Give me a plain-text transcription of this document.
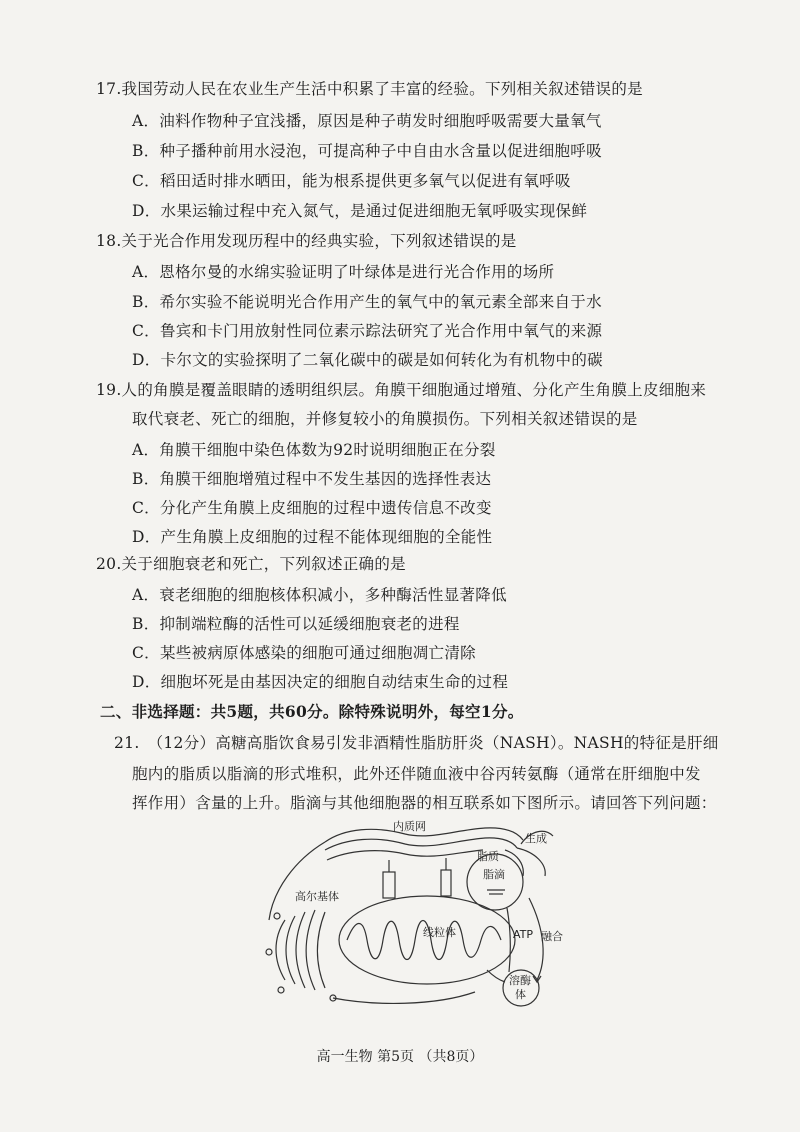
17.我国劳动人民在农业生产生活中积累了丰富的经验。下列相关叙述错误的是
A．油料作物种子宜浅播，原因是种子萌发时细胞呼吸需要大量氧气
B．种子播种前用水浸泡，可提高种子中自由水含量以促进细胞呼吸
C．稻田适时排水晒田，能为根系提供更多氧气以促进有氧呼吸
D．水果运输过程中充入氮气，是通过促进细胞无氧呼吸实现保鲜
18.关于光合作用发现历程中的经典实验，下列叙述错误的是
A．恩格尔曼的水绵实验证明了叶绿体是进行光合作用的场所
B．希尔实验不能说明光合作用产生的氧气中的氧元素全部来自于水
C．鲁宾和卡门用放射性同位素示踪法研究了光合作用中氧气的来源
D．卡尔文的实验探明了二氧化碳中的碳是如何转化为有机物中的碳
19.人的角膜是覆盖眼睛的透明组织层。角膜干细胞通过增殖、分化产生角膜上皮细胞来
取代衰老、死亡的细胞，并修复较小的角膜损伤。下列相关叙述错误的是
A．角膜干细胞中染色体数为92时说明细胞正在分裂
B．角膜干细胞增殖过程中不发生基因的选择性表达
C．分化产生角膜上皮细胞的过程中遗传信息不改变
D．产生角膜上皮细胞的过程不能体现细胞的全能性
20.关于细胞衰老和死亡，下列叙述正确的是
A．衰老细胞的细胞核体积减小，多种酶活性显著降低
B．抑制端粒酶的活性可以延缓细胞衰老的进程
C．某些被病原体感染的细胞可通过细胞凋亡清除
D．细胞坏死是由基因决定的细胞自动结束生命的过程
二、非选择题：共5题，共60分。除特殊说明外，每空1分。
21.　（12分）高糖高脂饮食易引发非酒精性脂肪肝炎（NASH）。NASH的特征是肝细
胞内的脂质以脂滴的形式堆积，此外还伴随血液中谷丙转氨酶（通常在肝细胞中发
挥作用）含量的上升。脂滴与其他细胞器的相互联系如下图所示。请回答下列问题：
内质网
脂质
生成
脂滴
高尔基体
线粒体	ATP 融合
溶酶
体
高一生物 第5页 （共8页）
